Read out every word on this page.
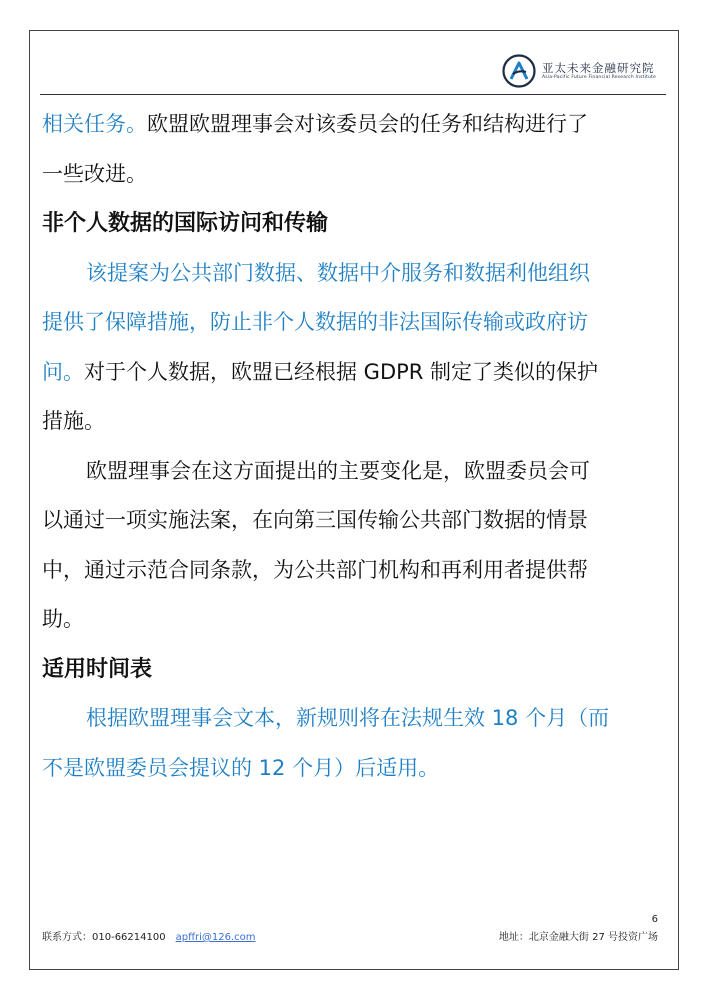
亚太未来金融研究院
Asia-Pacific Future Financial Research Institute
相关任务。欧盟欧盟理事会对该委员会的任务和结构进行了
一些改进。
非个人数据的国际访问和传输
该提案为公共部门数据、数据中介服务和数据利他组织
提供了保障措施，防止非个人数据的非法国际传输或政府访
问。对于个人数据，欧盟已经根据 GDPR 制定了类似的保护
措施。
欧盟理事会在这方面提出的主要变化是，欧盟委员会可
以通过一项实施法案，在向第三国传输公共部门数据的情景
中，通过示范合同条款，为公共部门机构和再利用者提供帮
助。
适用时间表
根据欧盟理事会文本，新规则将在法规生效 18 个月（而
不是欧盟委员会提议的 12 个月）后适用。
6
联系方式：010-66214100 apffri@126.com	地址：北京金融大街 27 号投资广场
